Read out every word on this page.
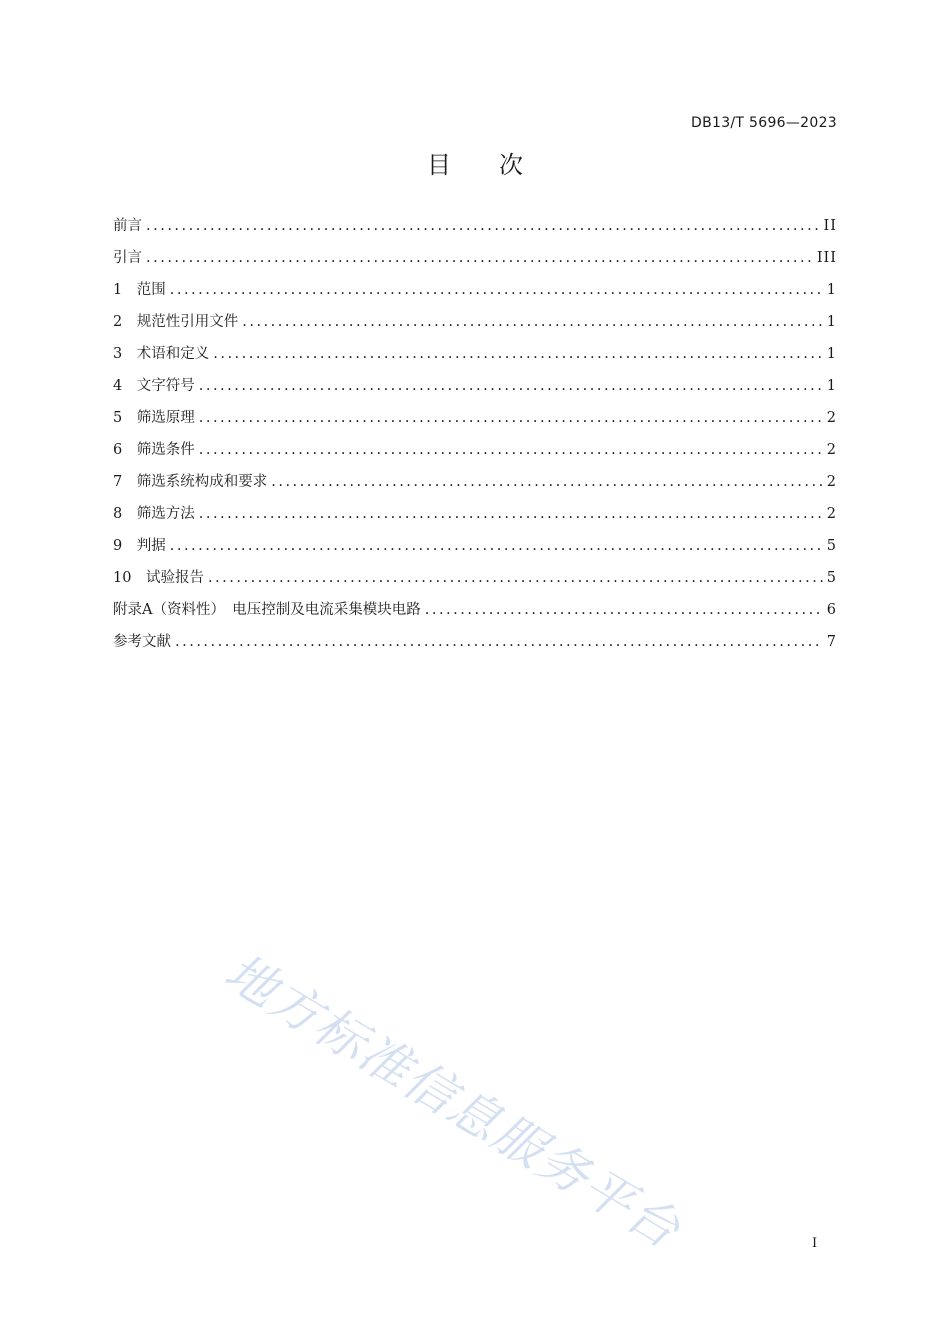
DB13/T 5696—2023
目次
前言 .....	II
引言 .....	III
1　范围 .....	1
2　规范性引用文件 .....	1
3　术语和定义 .....	1
4　文字符号 .....	1
5　筛选原理 .....	2
6　筛选条件 .....	2
7　筛选系统构成和要求 .....	2
8　筛选方法 .....	2
9　判据 .....	5
10　试验报告 .....	5
附录A（资料性）　电压控制及电流采集模块电路 .....	6
参考文献 .....	7
地方标准信息服务平台	I
